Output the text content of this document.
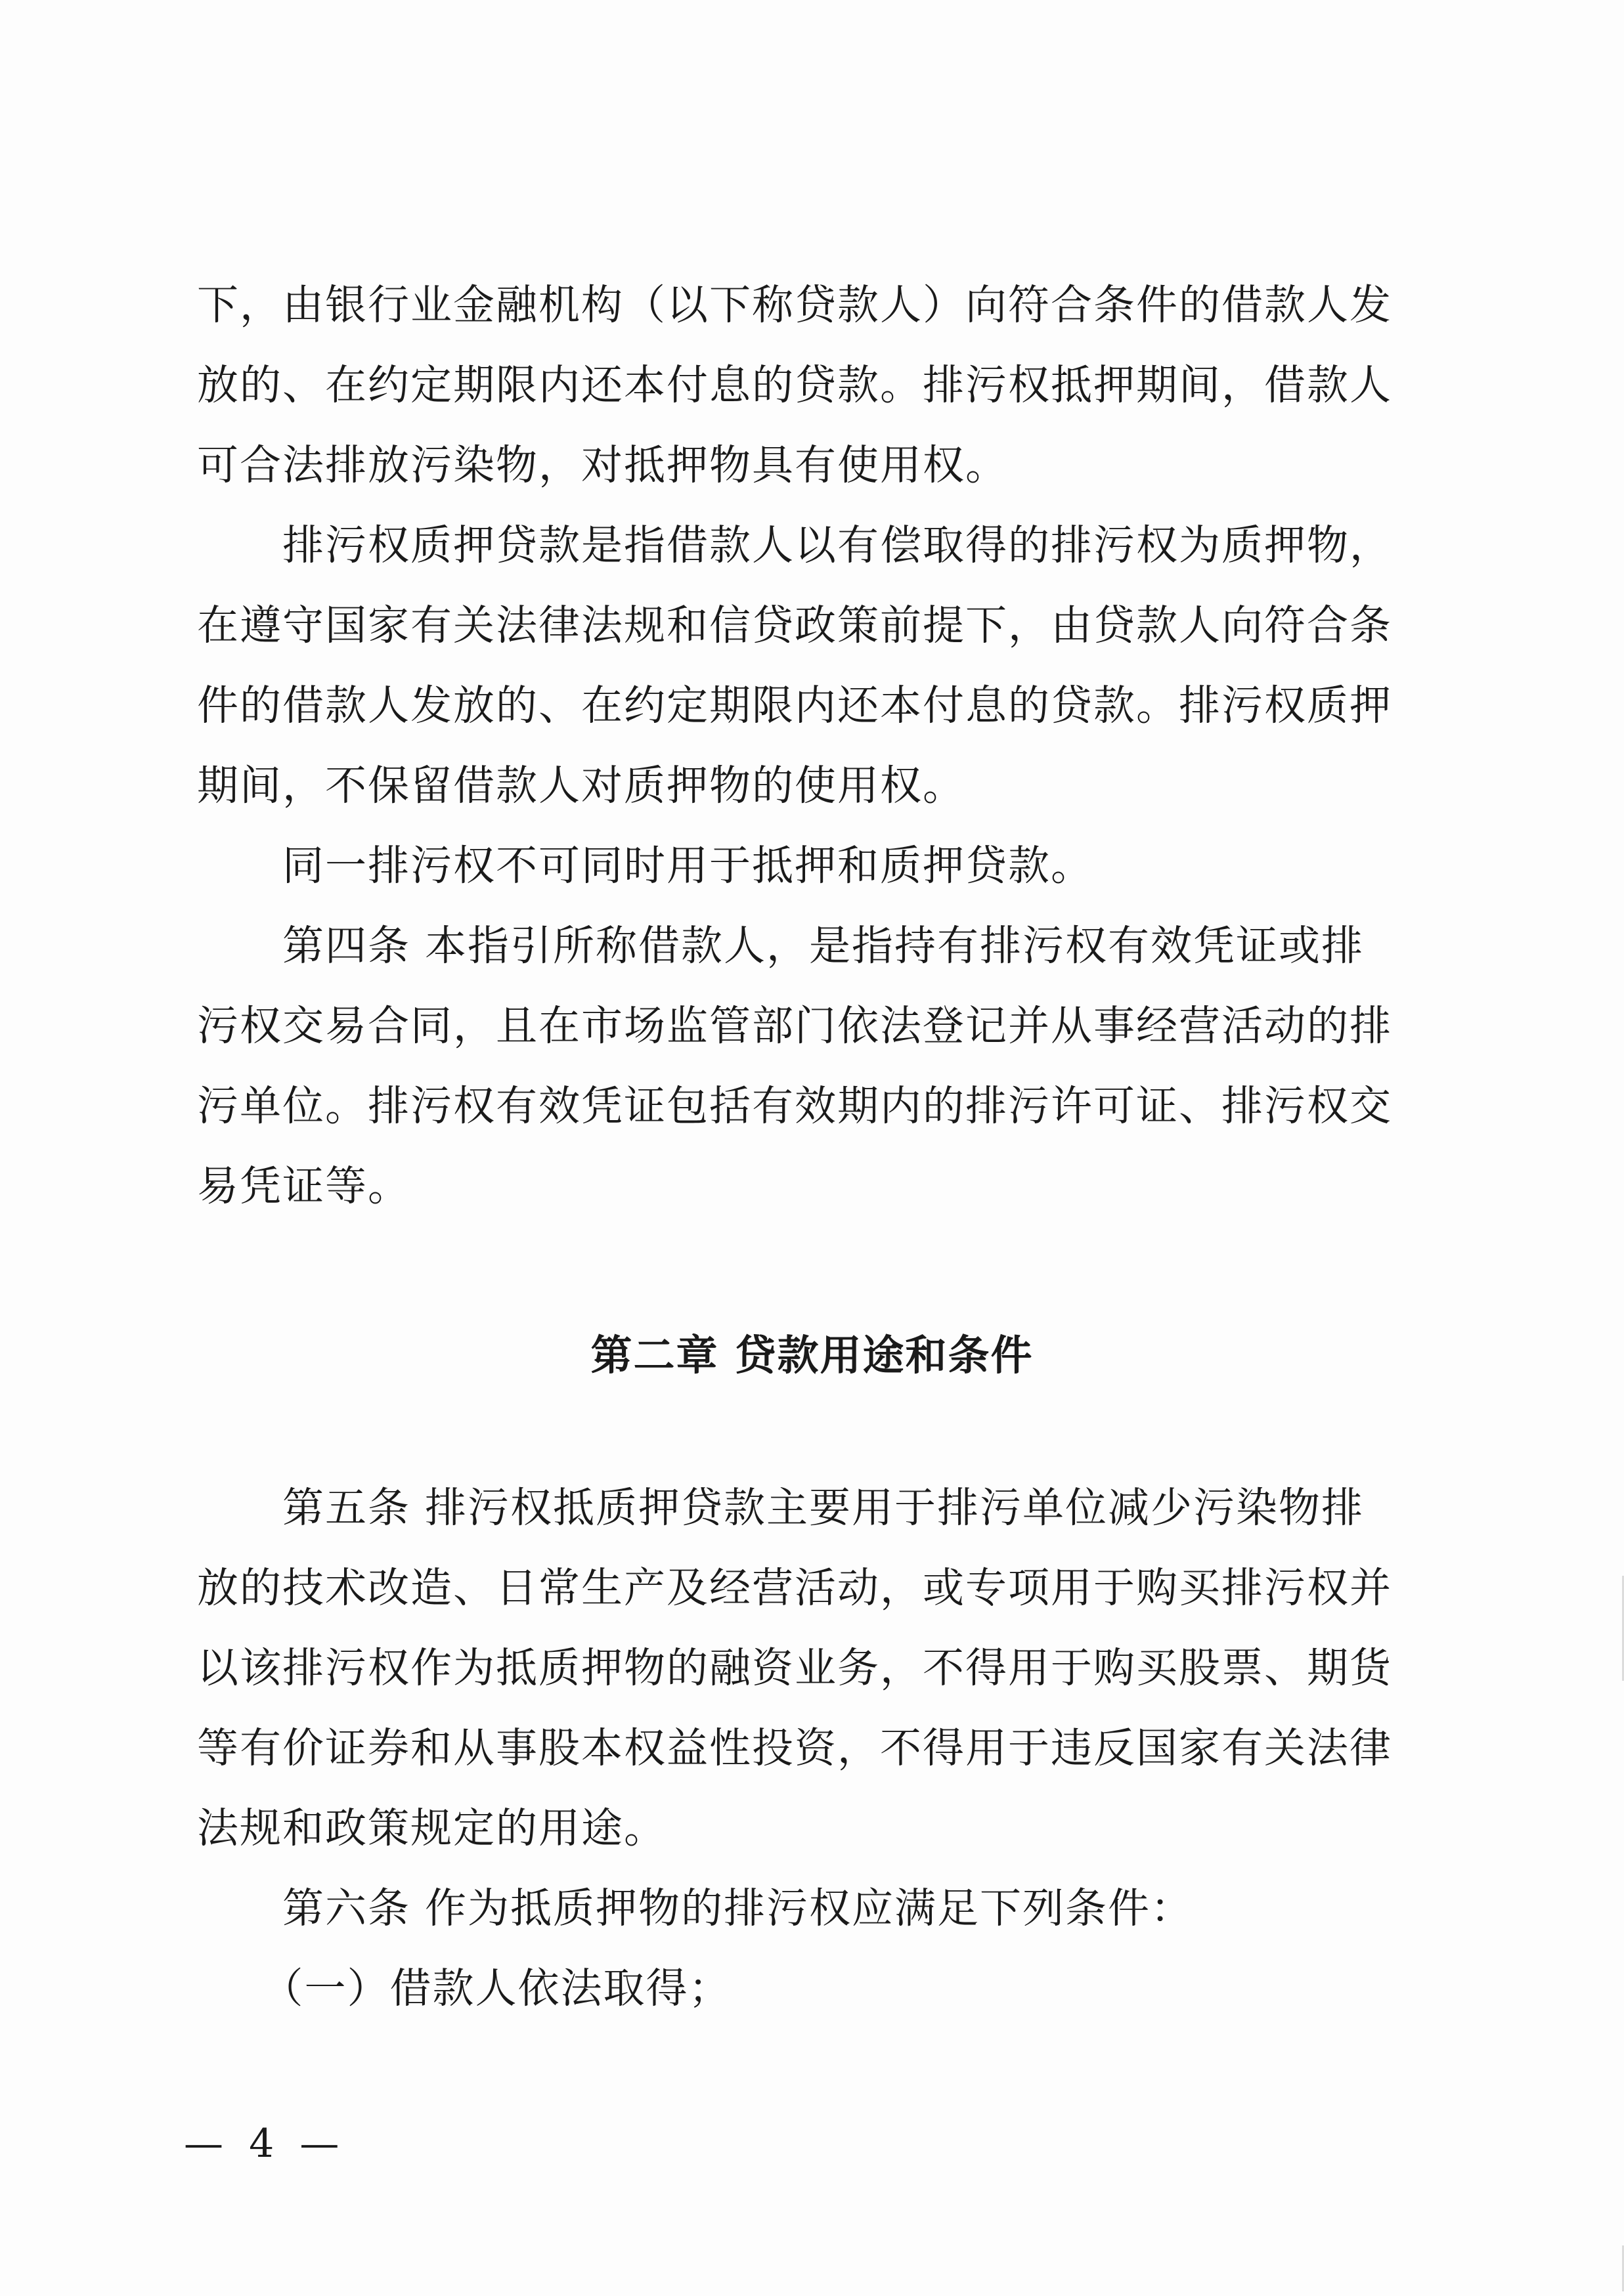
下，由银行业金融机构（以下称贷款人）向符合条件的借款人发
放的、在约定期限内还本付息的贷款。排污权抵押期间，借款人
可合法排放污染物，对抵押物具有使用权。
　　排污权质押贷款是指借款人以有偿取得的排污权为质押物，
在遵守国家有关法律法规和信贷政策前提下，由贷款人向符合条
件的借款人发放的、在约定期限内还本付息的贷款。排污权质押
期间，不保留借款人对质押物的使用权。
　　同一排污权不可同时用于抵押和质押贷款。
　　第四条 本指引所称借款人，是指持有排污权有效凭证或排
污权交易合同，且在市场监管部门依法登记并从事经营活动的排
污单位。排污权有效凭证包括有效期内的排污许可证、排污权交
易凭证等。
第二章 贷款用途和条件
　　第五条 排污权抵质押贷款主要用于排污单位减少污染物排
放的技术改造、日常生产及经营活动，或专项用于购买排污权并
以该排污权作为抵质押物的融资业务，不得用于购买股票、期货
等有价证券和从事股本权益性投资，不得用于违反国家有关法律
法规和政策规定的用途。
　　第六条 作为抵质押物的排污权应满足下列条件：
　　（一）借款人依法取得；
— 4 —
